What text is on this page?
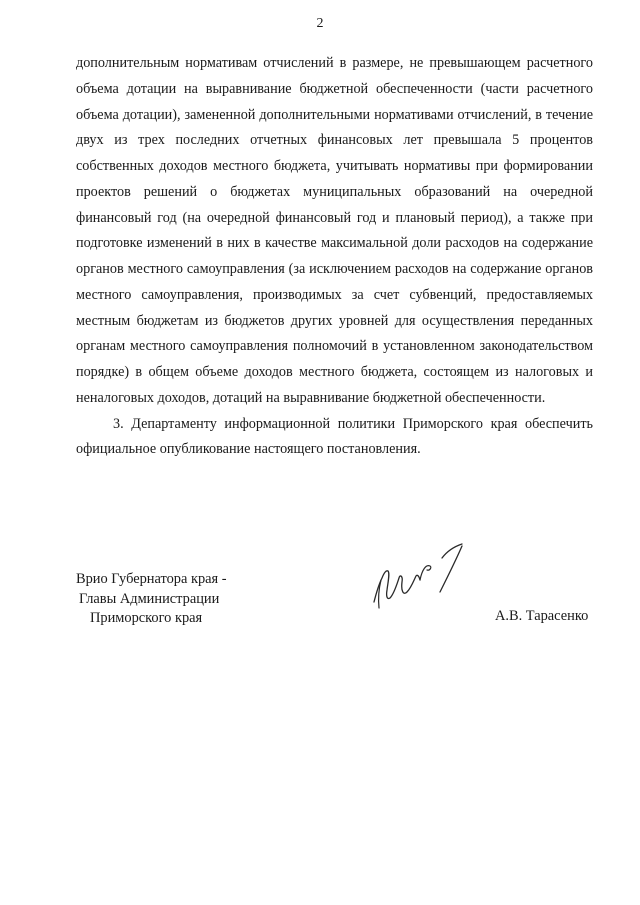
2

дополнительным нормативам отчислений в размере, не превышающем расчетного объема дотации на выравнивание бюджетной обеспеченности (части расчетного объема дотации), замененной дополнительными нормативами отчислений, в течение двух из трех последних отчетных финансовых лет превышала 5 процентов собственных доходов местного бюджета, учитывать нормативы при формировании проектов решений о бюджетах муниципальных образований на очередной финансовый год (на очередной финансовый год и плановый период), а также при подготовке изменений в них в качестве максимальной доли расходов на содержание органов местного самоуправления (за исключением расходов на содержание органов местного самоуправления, производимых за счет субвенций, предоставляемых местным бюджетам из бюджетов других уровней для осуществления переданных органам местного самоуправления полномочий в установленном законодательством порядке) в общем объеме доходов местного бюджета, состоящем из налоговых и неналоговых доходов, дотаций на выравнивание бюджетной обеспеченности.

3. Департаменту информационной политики Приморского края обеспечить официальное опубликование настоящего постановления.

Врио Губернатора края -
Главы Администрации
Приморского края	А.В. Тарасенко
